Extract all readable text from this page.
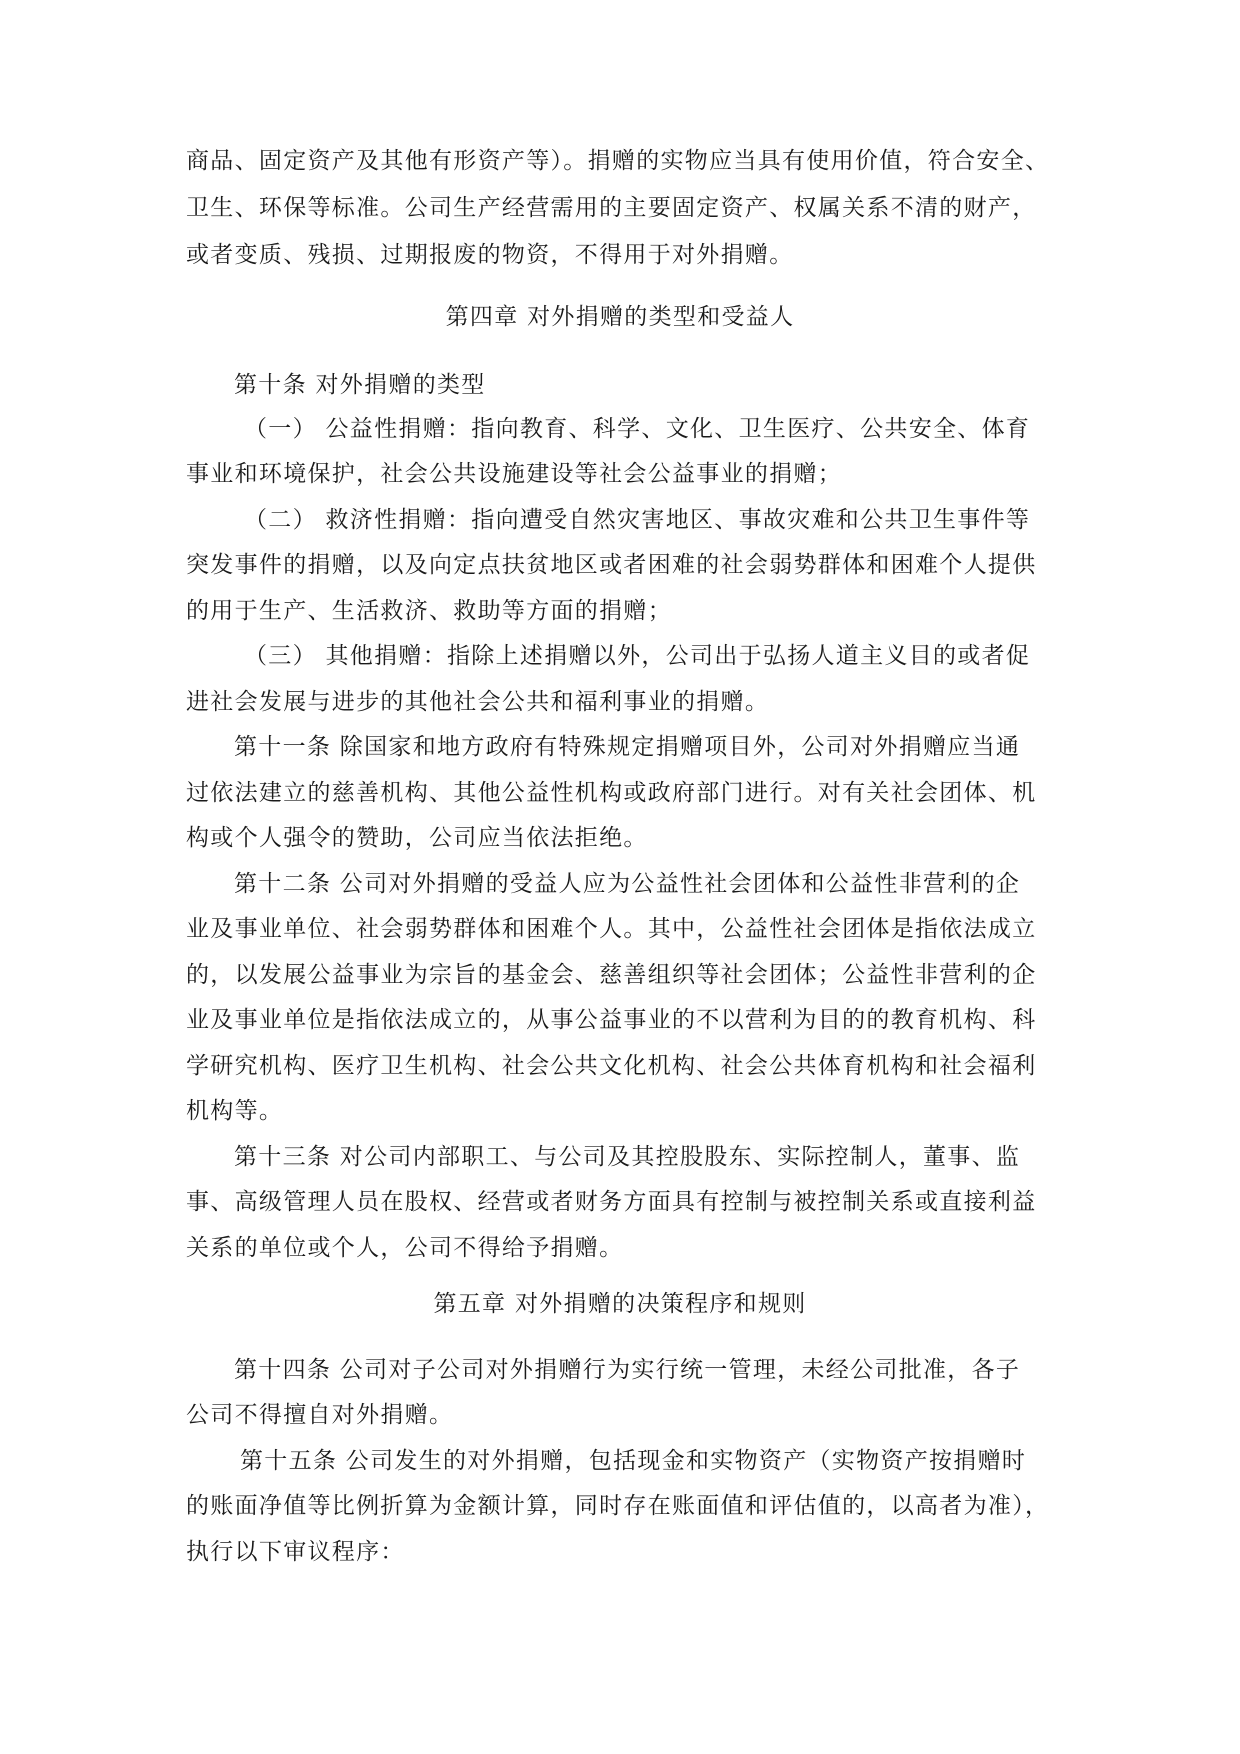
商品、固定资产及其他有形资产等）。捐赠的实物应当具有使用价值，符合安全、
卫生、环保等标准。公司生产经营需用的主要固定资产、权属关系不清的财产，
或者变质、残损、过期报废的物资，不得用于对外捐赠。
第四章 对外捐赠的类型和受益人
第十条 对外捐赠的类型
（一） 公益性捐赠：指向教育、科学、文化、卫生医疗、公共安全、体育
事业和环境保护，社会公共设施建设等社会公益事业的捐赠；
（二） 救济性捐赠：指向遭受自然灾害地区、事故灾难和公共卫生事件等
突发事件的捐赠，以及向定点扶贫地区或者困难的社会弱势群体和困难个人提供
的用于生产、生活救济、救助等方面的捐赠；
（三） 其他捐赠：指除上述捐赠以外，公司出于弘扬人道主义目的或者促
进社会发展与进步的其他社会公共和福利事业的捐赠。
第十一条 除国家和地方政府有特殊规定捐赠项目外，公司对外捐赠应当通
过依法建立的慈善机构、其他公益性机构或政府部门进行。对有关社会团体、机
构或个人强令的赞助，公司应当依法拒绝。
第十二条 公司对外捐赠的受益人应为公益性社会团体和公益性非营利的企
业及事业单位、社会弱势群体和困难个人。其中，公益性社会团体是指依法成立
的，以发展公益事业为宗旨的基金会、慈善组织等社会团体；公益性非营利的企
业及事业单位是指依法成立的，从事公益事业的不以营利为目的的教育机构、科
学研究机构、医疗卫生机构、社会公共文化机构、社会公共体育机构和社会福利
机构等。
第十三条 对公司内部职工、与公司及其控股股东、实际控制人，董事、监
事、高级管理人员在股权、经营或者财务方面具有控制与被控制关系或直接利益
关系的单位或个人，公司不得给予捐赠。
第五章 对外捐赠的决策程序和规则
第十四条 公司对子公司对外捐赠行为实行统一管理，未经公司批准，各子
公司不得擅自对外捐赠。
第十五条 公司发生的对外捐赠，包括现金和实物资产（实物资产按捐赠时
的账面净值等比例折算为金额计算，同时存在账面值和评估值的，以高者为准），
执行以下审议程序：
